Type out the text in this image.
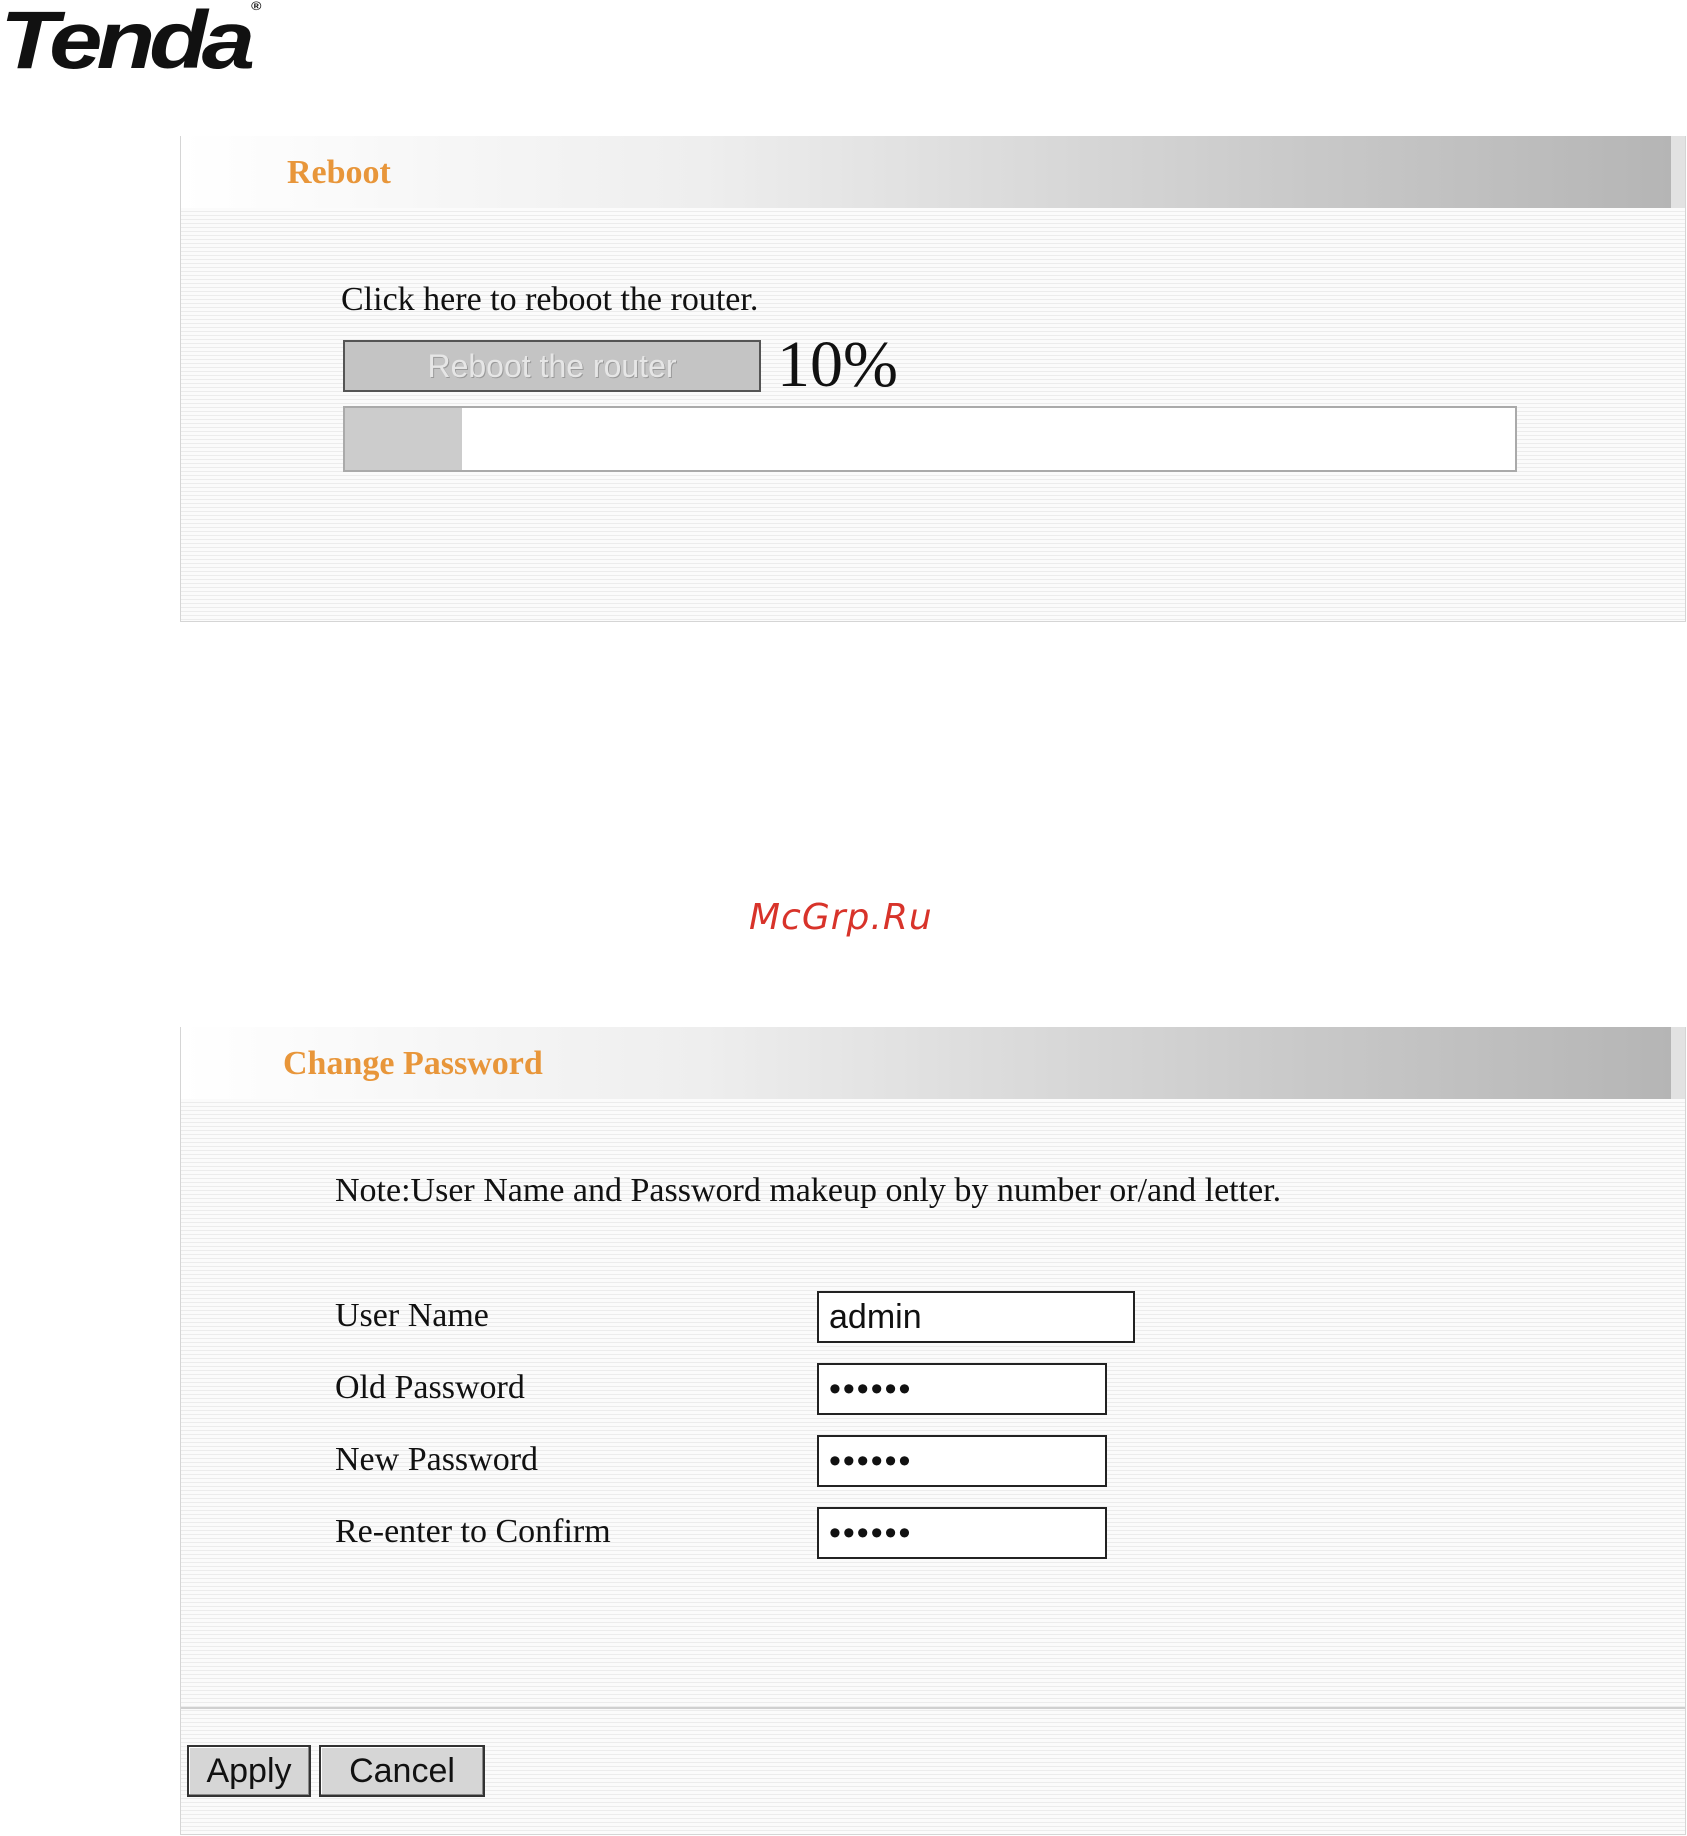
Tenda ®
Reboot
Click here to reboot the router.
Reboot the router	10%
McGrp.Ru
Change Password
Note:User Name and Password makeup only by number or/and letter.
User Name
admin
Old Password
••••••
New Password
••••••
Re-enter to Confirm
••••••
Apply	Cancel
